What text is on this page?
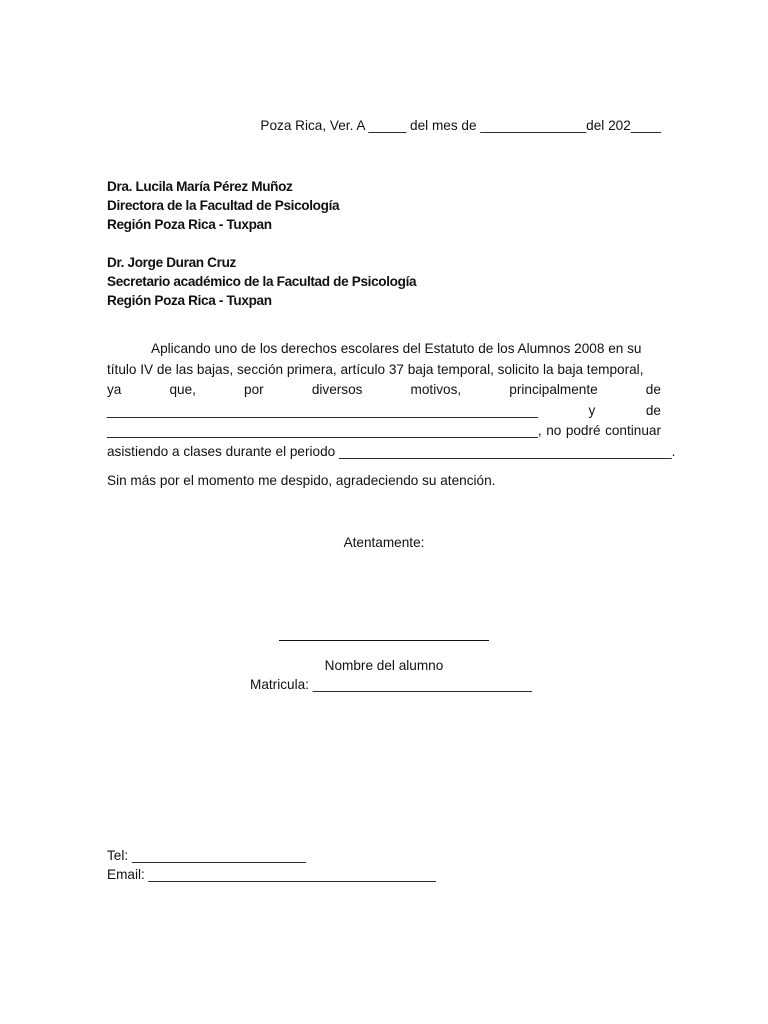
Poza Rica, Ver. A _____ del mes de ______________del 202____
Dra. Lucila María Pérez Muñoz
Directora de la Facultad de Psicología
Región Poza Rica - Tuxpan
Dr. Jorge Duran Cruz
Secretario académico de la Facultad de Psicología
Región Poza Rica - Tuxpan
Aplicando uno de los derechos escolares del Estatuto de los Alumnos 2008 en su
título IV de las bajas, sección primera, artículo 37 baja temporal, solicito la baja temporal,
ya	que,	por	diversos	motivos,	principalmente	de
_________________________________________________________	y	de
_________________________________________________________, no podré continuar
asistiendo a clases durante el periodo ____________________________________________.
Sin más por el momento me despido, agradeciendo su atención.
Atentamente:
Nombre del alumno
Matricula: _____________________________
Tel: _______________________
Email: ______________________________________
